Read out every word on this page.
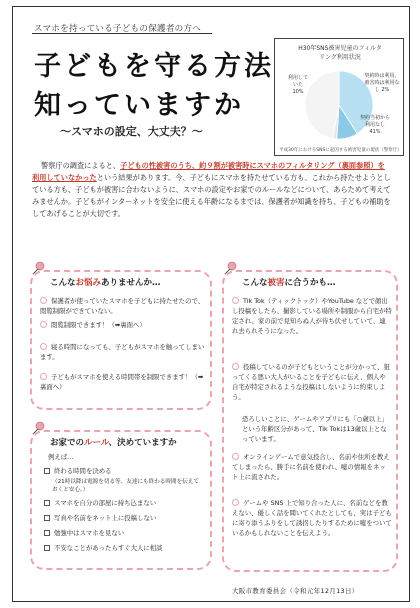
スマホを持っている子どもの保護者の方へ
子どもを守る方法
知っていますか
～スマホの設定、大丈夫？～
H30年SNS被害児童のフィルタ
リング利用状況
利用して
いた
10%
契約時は利用、
被害時は利用な
し 2%
契約当初から
利用なし
41%
平成30年におけるSNSに起因する被害児童の現状（警察庁）
警察庁の調査によると、子どもの性被害のうち、約９割が被害時にスマホのフィルタリング（裏面参照）を利用していなかったという結果があります。今、子どもにスマホを持たせている方も、これから持たせようとしている方も、子どもが被害に合わないように、スマホの設定やお家でのルールなどについて、あらためて考えてみませんか。子どもがインターネットを安全に使える年齢になるまでは、保護者が知識を持ち、子どもの補助をしてあげることが大切です。
こんなお悩みありませんか…
保護者が使っていたスマホを子どもに持たせたので、閲覧制限ができていない。
閲覧制限できます！（➡裏面へ）
寝る時間になっても、子どもがスマホを触ってしまいます。
子どもがスマホを使える時間帯を制限できます！（➡裏面へ）
こんな被害に合うかも…
Tik Tok（ティックトック）やYouTube などで顔出し投稿をしたら、撮影している場所や制服から自宅が特定され、家の前で見知らぬ人が待ち伏せしていて、連れ去られそうになった。
投稿しているのが子どもということが分かって、狙ってくる悪い大人がいることを子どもに伝え、個人や自宅が特定されるような投稿はしないように約束しよう。
恐ろしいことに、ゲームやアプリにも「○歳以上」という年齢区分があって、Tik Tokは13歳以上となっています。
オンラインゲームで意気投合し、名前や住所を教えてしまったら、勝手に名前を使われ、嘘の情報をネット上に流された。
ゲームや SNS 上で知り合った人に、名前などを教えない、優しく話を聞いてくれたとしても、実は子どもに寄り添うふりをして誘拐したりするために嘘をついているかもしれないことを伝えよう。
お家でのルール、決めていますか
例えば…
終わる時間を決める
（21時以降は電源を切る等、友達にも終わる時間を伝えておくと安心。）
スマホを自分の部屋に持ち込まない
写真や名前をネット上に投稿しない
勉強中はスマホを見ない
不安なことがあったらすぐ大人に相談
大阪市教育委員会（令和元年12月13日）
